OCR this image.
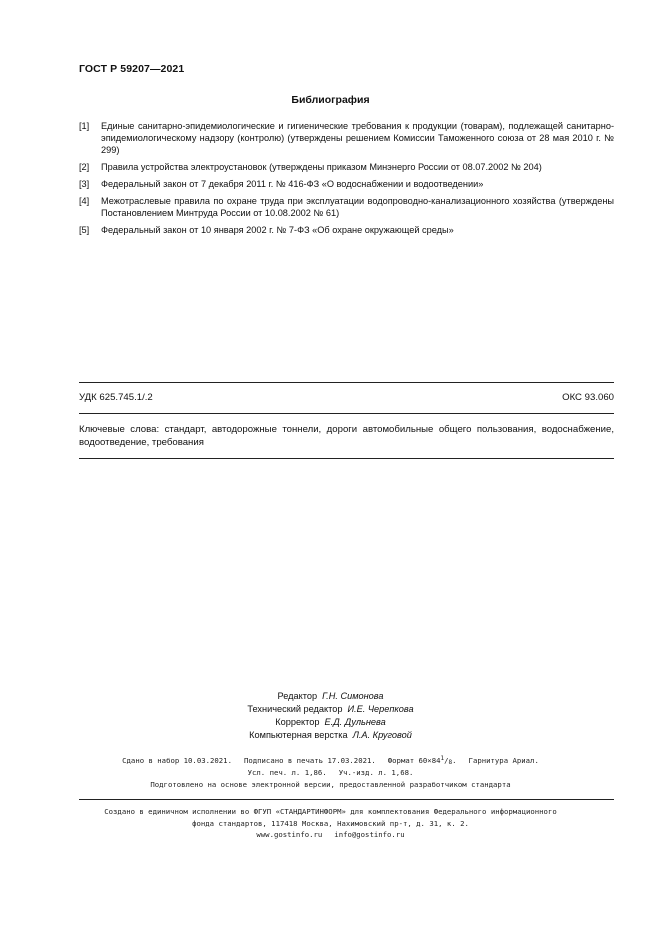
ГОСТ Р 59207—2021
Библиография
[1]	Единые санитарно-эпидемиологические и гигиенические требования к продукции (товарам), подлежащей санитарно-эпидемиологическому надзору (контролю) (утверждены решением Комиссии Таможенного союза от 28 мая 2010 г. № 299)
[2]	Правила устройства электроустановок (утверждены приказом Минэнерго России от 08.07.2002 № 204)
[3]	Федеральный закон от 7 декабря 2011 г. № 416-ФЗ «О водоснабжении и водоотведении»
[4]	Межотраслевые правила по охране труда при эксплуатации водопроводно-канализационного хозяйства (утверждены Постановлением Минтруда России от 10.08.2002 № 61)
[5]	Федеральный закон от 10 января 2002 г. № 7-ФЗ «Об охране окружающей среды»
УДК 625.745.1/.2	ОКС 93.060
Ключевые слова: стандарт, автодорожные тоннели, дороги автомобильные общего пользования, водоснабжение, водоотведение, требования
Редактор Г.Н. Симонова
Технический редактор И.Е. Черепкова
Корректор Е.Д. Дульнева
Компьютерная верстка Л.А. Круговой
Сдано в набор 10.03.2021. Подписано в печать 17.03.2021. Формат $60\times 84^1/_8$. Гарнитура Ариал.
Усл. печ. л. 1,86. Уч.-изд. л. 1,68.
Подготовлено на основе электронной версии, предоставленной разработчиком стандарта
Создано в единичном исполнении во ФГУП «СТАНДАРТИНФОРМ» для комплектования Федерального информационного
фонда стандартов, 117418 Москва, Нахимовский пр-т, д. 31, к. 2.
www.gostinfo.ru info@gostinfo.ru
